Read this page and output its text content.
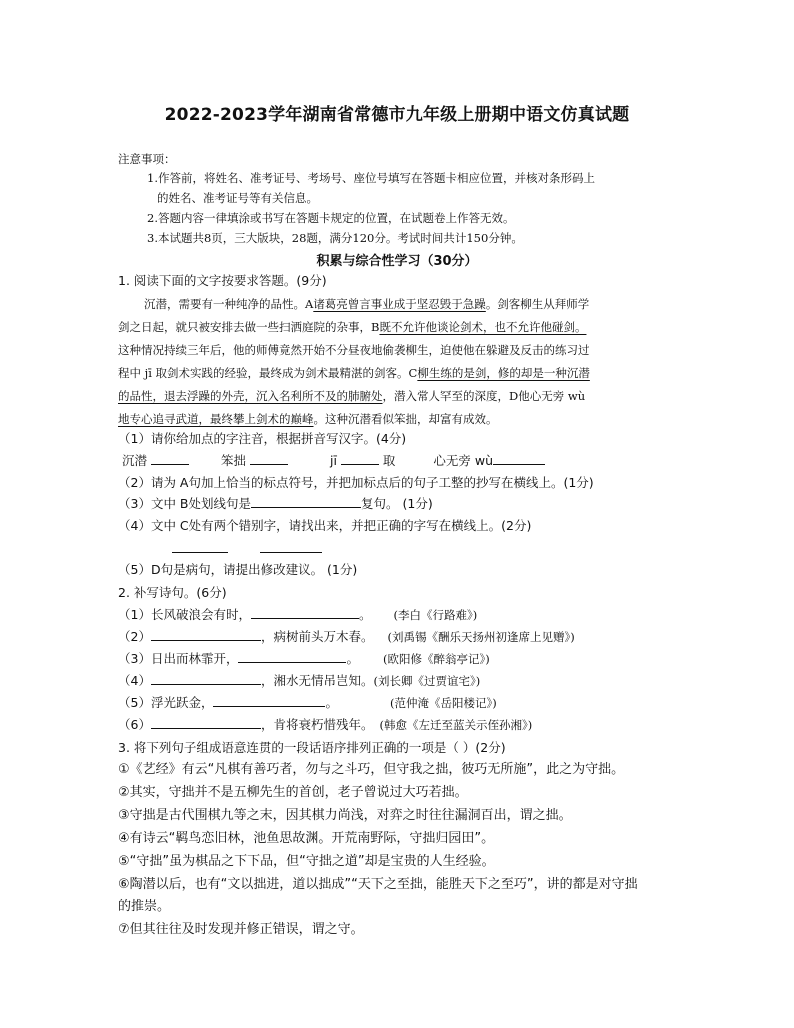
2022-2023学年湖南省常德市九年级上册期中语文仿真试题
注意事项：
1.作答前，将姓名、准考证号、考场号、座位号填写在答题卡相应位置，并核对条形码上
的姓名、准考证号等有关信息。
2.答题内容一律填涂或书写在答题卡规定的位置，在试题卷上作答无效。
3.本试题共8页，三大版块，28题，满分120分。考试时间共计150分钟。
积累与综合性学习（30分）
1. 阅读下面的文字按要求答题。(9分)
沉潜，需要有一种纯净的品性。A诸葛亮曾言事业成于坚忍毁于急躁。剑客柳生从拜师学
剑之日起，就只被安排去做一些扫洒庭院的杂事，B既不允许他谈论剑术，也不允许他碰剑。
这种情况持续三年后，他的师傅竟然开始不分昼夜地偷袭柳生，迫使他在躲避及反击的练习过
程中 jī 取剑术实践的经验，最终成为剑术最精湛的剑客。C柳生练的是剑，修的却是一种沉潜
的品性，退去浮躁的外壳，沉入名利所不及的肺腑处，潜入常人罕至的深度，D他心无旁 wù
地专心追寻武道，最终攀上剑术的巅峰。这种沉潜看似笨拙，却富有成效。
（1）请你给加点的字注音，根据拼音写汉字。(4分)
沉潜	笨拙	jī	取	心无旁 wù
（2）请为 A句加上恰当的标点符号，并把加标点后的句子工整的抄写在横线上。(1分)
（3）文中 B处划线句是	复句。 (1分)
（4）文中 C处有两个错别字，请找出来，并把正确的字写在横线上。(2分)
（5）D句是病句，请提出修改建议。 (1分)
2. 补写诗句。(6分)
（1）长风破浪会有时，	。 (李白《行路难》)
（2）	，病树前头万木春。 (刘禹锡《酬乐天扬州初逢席上见赠》)
（3）日出而林霏开，	。 (欧阳修《醉翁亭记》)
（4）	，湘水无情吊岂知。(刘长卿《过贾谊宅》)
（5）浮光跃金，	。	(范仲淹《岳阳楼记》)
（6）	，肯将衰朽惜残年。 (韩愈《左迁至蓝关示侄孙湘》)
3. 将下列句子组成语意连贯的一段话语序排列正确的一项是（ ）(2分)
①《艺经》有云“凡棋有善巧者，勿与之斗巧，但守我之拙，彼巧无所施”，此之为守拙。
②其实，守拙并不是五柳先生的首创，老子曾说过大巧若拙。
③守拙是古代围棋九等之末，因其棋力尚浅，对弈之时往往漏洞百出，谓之拙。
④有诗云“羁鸟恋旧林，池鱼思故渊。开荒南野际，守拙归园田”。
⑤“守拙”虽为棋品之下下品，但“守拙之道”却是宝贵的人生经验。
⑥陶潜以后，也有“文以拙进，道以拙成”“天下之至拙，能胜天下之至巧”，讲的都是对守拙
的推崇。
⑦但其往往及时发现并修正错误，谓之守。
